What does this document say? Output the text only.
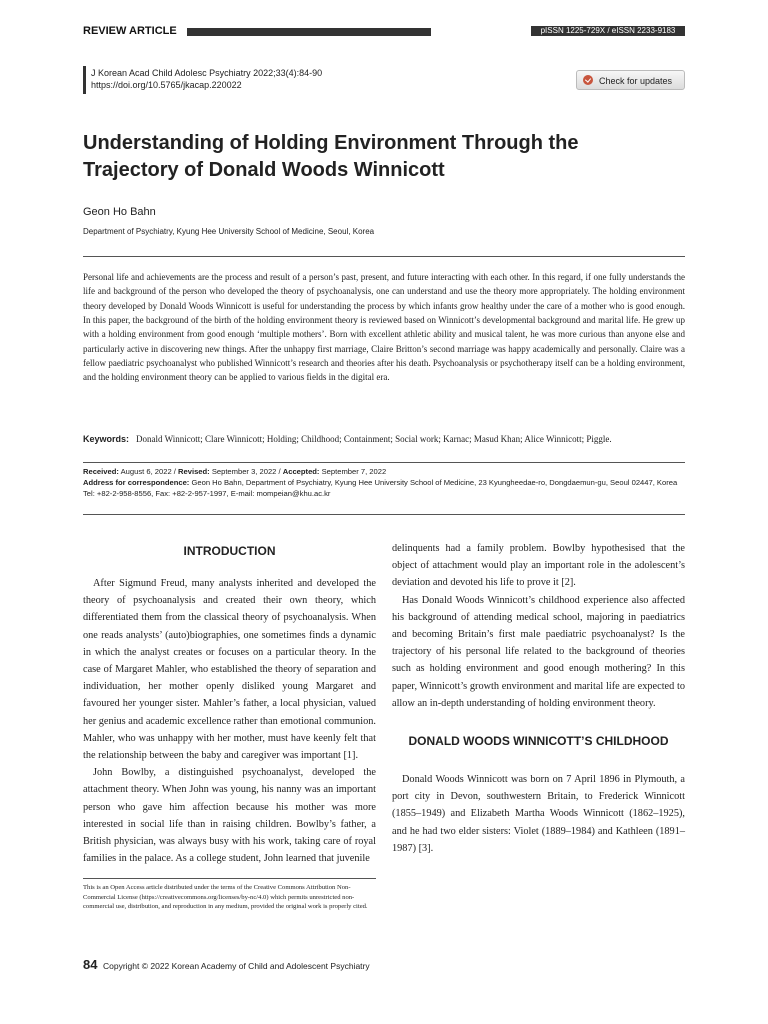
REVIEW ARTICLE	pISSN 1225-729X / eISSN 2233-9183
J Korean Acad Child Adolesc Psychiatry 2022;33(4):84-90
https://doi.org/10.5765/jkacap.220022	Check for updates
Understanding of Holding Environment Through the Trajectory of Donald Woods Winnicott
Geon Ho Bahn
Department of Psychiatry, Kyung Hee University School of Medicine, Seoul, Korea

Personal life and achievements are the process and result of a person’s past, present, and future interacting with each other. In this regard, if one fully understands the life and background of the person who developed the theory of psychoanalysis, one can understand and use the theory more appropriately. The holding environment theory developed by Donald Woods Winnicott is useful for understanding the process by which infants grow healthy under the care of a mother who is good enough. In this paper, the background of the birth of the holding environment theory is reviewed based on Winnicott’s developmental background and marital life. He grew up with a holding environment from good enough ‘multiple mothers’. Born with excellent athletic ability and musical talent, he was more curious than anyone else and particularly active in discovering new things. After the unhappy first marriage, Claire Britton’s second marriage was happy academically and personally. Claire was a fellow paediatric psychoanalyst who published Winnicott’s research and theories after his death. Psychoanalysis or psychotherapy itself can be a holding environment, and the holding environment theory can be applied to various fields in the digital era.

Keywords: Donald Winnicott; Clare Winnicott; Holding; Childhood; Containment; Social work; Karnac; Masud Khan; Alice Winnicott; Piggle.
Received: August 6, 2022 / Revised: September 3, 2022 / Accepted: September 7, 2022
Address for correspondence: Geon Ho Bahn, Department of Psychiatry, Kyung Hee University School of Medicine, 23 Kyungheedae-ro, Dongdaemun-gu, Seoul 02447, Korea
Tel: +82-2-958-8556, Fax: +82-2-957-1997, E-mail: mompeian@khu.ac.kr
INTRODUCTION

After Sigmund Freud, many analysts inherited and developed the theory of psychoanalysis and created their own theory, which differentiated them from the classical theory of psychoanalysis. When one reads analysts’ (auto)biographies, one sometimes finds a dynamic in which the analyst creates or focuses on a particular theory. In the case of Margaret Mahler, who established the theory of separation and individuation, her mother openly disliked young Margaret and favoured her younger sister. Mahler’s father, a local physician, valued her genius and academic excellence rather than emotional communion. Mahler, who was unhappy with her mother, must have keenly felt that the relationship between the baby and caregiver was important [1].

John Bowlby, a distinguished psychoanalyst, developed the attachment theory. When John was young, his nanny was an important person who gave him affection because his mother was more interested in social life than in raising children. Bowlby’s father, a British physician, was always busy with his work, taking care of royal families in the palace. As a college student, John learned that juvenile

delinquents had a family problem. Bowlby hypothesised that the object of attachment would play an important role in the adolescent’s deviation and devoted his life to prove it [2].

Has Donald Woods Winnicott’s childhood experience also affected his background of attending medical school, majoring in paediatrics and becoming Britain’s first male paediatric psychoanalyst? Is the trajectory of his personal life related to the background of theories such as holding environment and good enough mothering? In this paper, Winnicott’s growth environment and marital life are expected to allow an in-depth understanding of holding environment theory.

DONALD WOODS WINNICOTT’S CHILDHOOD

Donald Woods Winnicott was born on 7 April 1896 in Plymouth, a port city in Devon, southwestern Britain, to Frederick Winnicott (1855–1949) and Elizabeth Martha Woods Winnicott (1862–1925), and he had two elder sisters: Violet (1889–1984) and Kathleen (1891–1987) [3].

This is an Open Access article distributed under the terms of the Creative Commons Attribution Non-Commercial License (https://creativecommons.org/licenses/by-nc/4.0) which permits unrestricted non-commercial use, distribution, and reproduction in any medium, provided the original work is properly cited.
84 Copyright © 2022 Korean Academy of Child and Adolescent Psychiatry
